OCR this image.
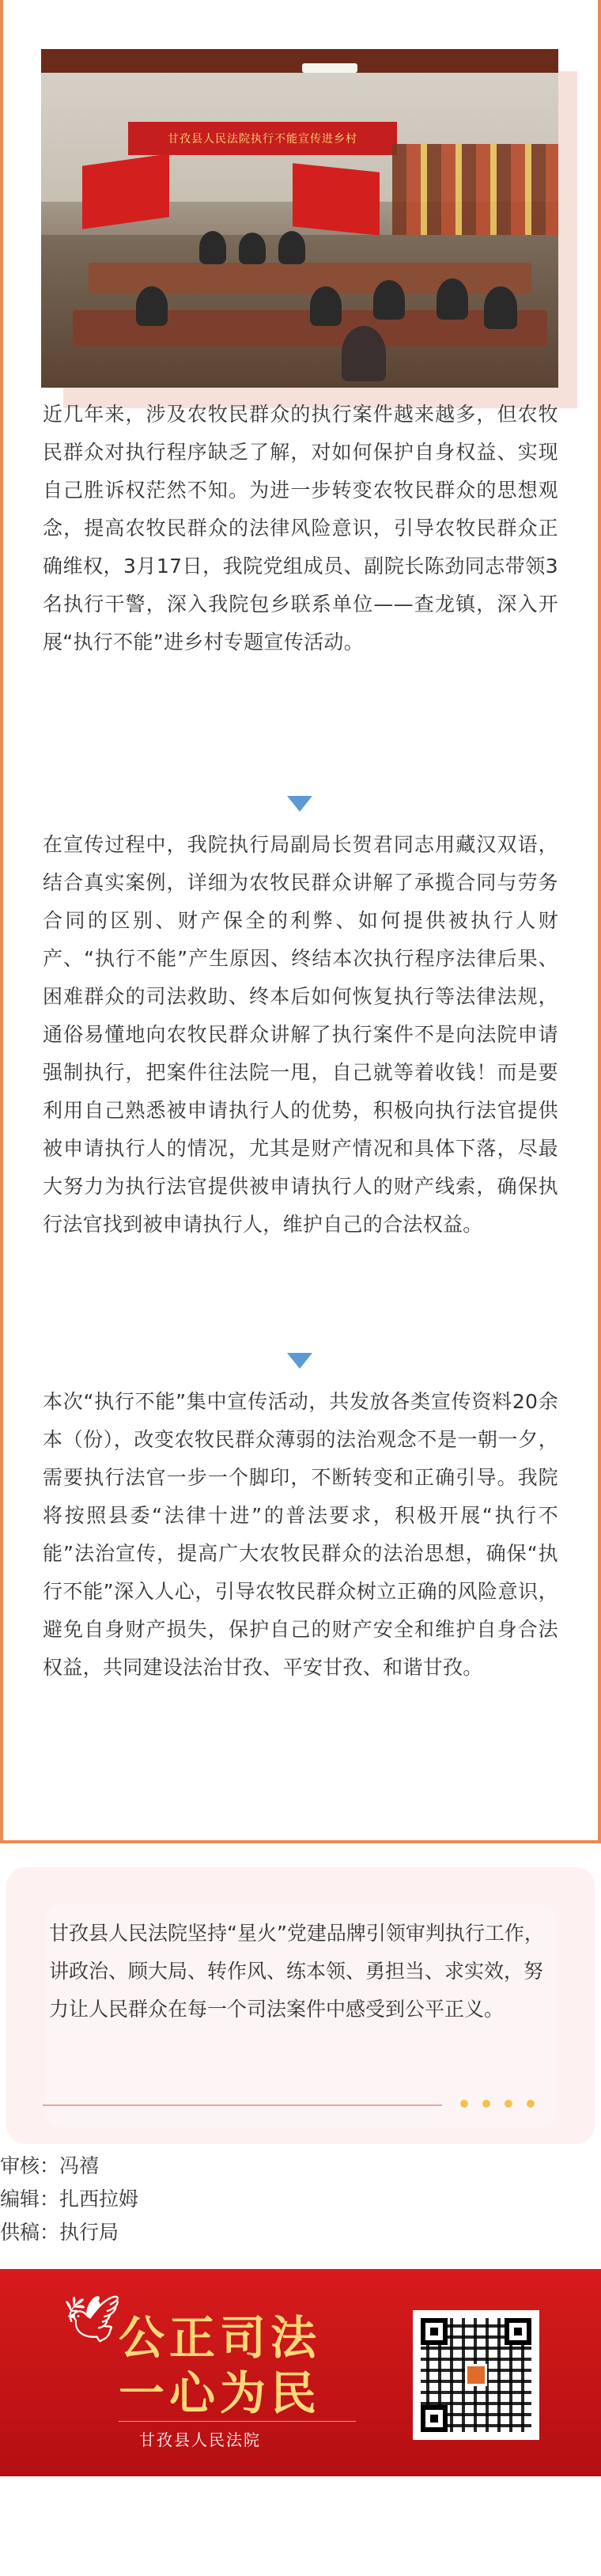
甘孜县人民法院执行不能宣传进乡村
近几年来，涉及农牧民群众的执行案件越来越多，但农牧民群众对执行程序缺乏了解，对如何保护自身权益、实现自己胜诉权茫然不知。为进一步转变农牧民群众的思想观念，提高农牧民群众的法律风险意识，引导农牧民群众正确维权，3月17日，我院党组成员、副院长陈劲同志带领3名执行干警，深入我院包乡联系单位——查龙镇，深入开展“执行不能”进乡村专题宣传活动。
在宣传过程中，我院执行局副局长贺君同志用藏汉双语，结合真实案例，详细为农牧民群众讲解了承揽合同与劳务合同的区别、财产保全的利弊、如何提供被执行人财产、“执行不能”产生原因、终结本次执行程序法律后果、困难群众的司法救助、终本后如何恢复执行等法律法规，通俗易懂地向农牧民群众讲解了执行案件不是向法院申请强制执行，把案件往法院一甩，自己就等着收钱！而是要利用自己熟悉被申请执行人的优势，积极向执行法官提供被申请执行人的情况，尤其是财产情况和具体下落，尽最大努力为执行法官提供被申请执行人的财产线索，确保执行法官找到被申请执行人，维护自己的合法权益。
本次“执行不能”集中宣传活动，共发放各类宣传资料20余本（份），改变农牧民群众薄弱的法治观念不是一朝一夕，需要执行法官一步一个脚印，不断转变和正确引导。我院将按照县委“法律十进”的普法要求，积极开展“执行不能”法治宣传，提高广大农牧民群众的法治思想，确保“执行不能”深入人心，引导农牧民群众树立正确的风险意识，避免自身财产损失，保护自己的财产安全和维护自身合法权益，共同建设法治甘孜、平安甘孜、和谐甘孜。
甘孜县人民法院坚持“星火”党建品牌引领审判执行工作，讲政治、顾大局、转作风、练本领、勇担当、求实效，努力让人民群众在每一个司法案件中感受到公平正义。
审核：冯禧
编辑：扎西拉姆
供稿：执行局
🕊
公正司法
一心为民
甘孜县人民法院
